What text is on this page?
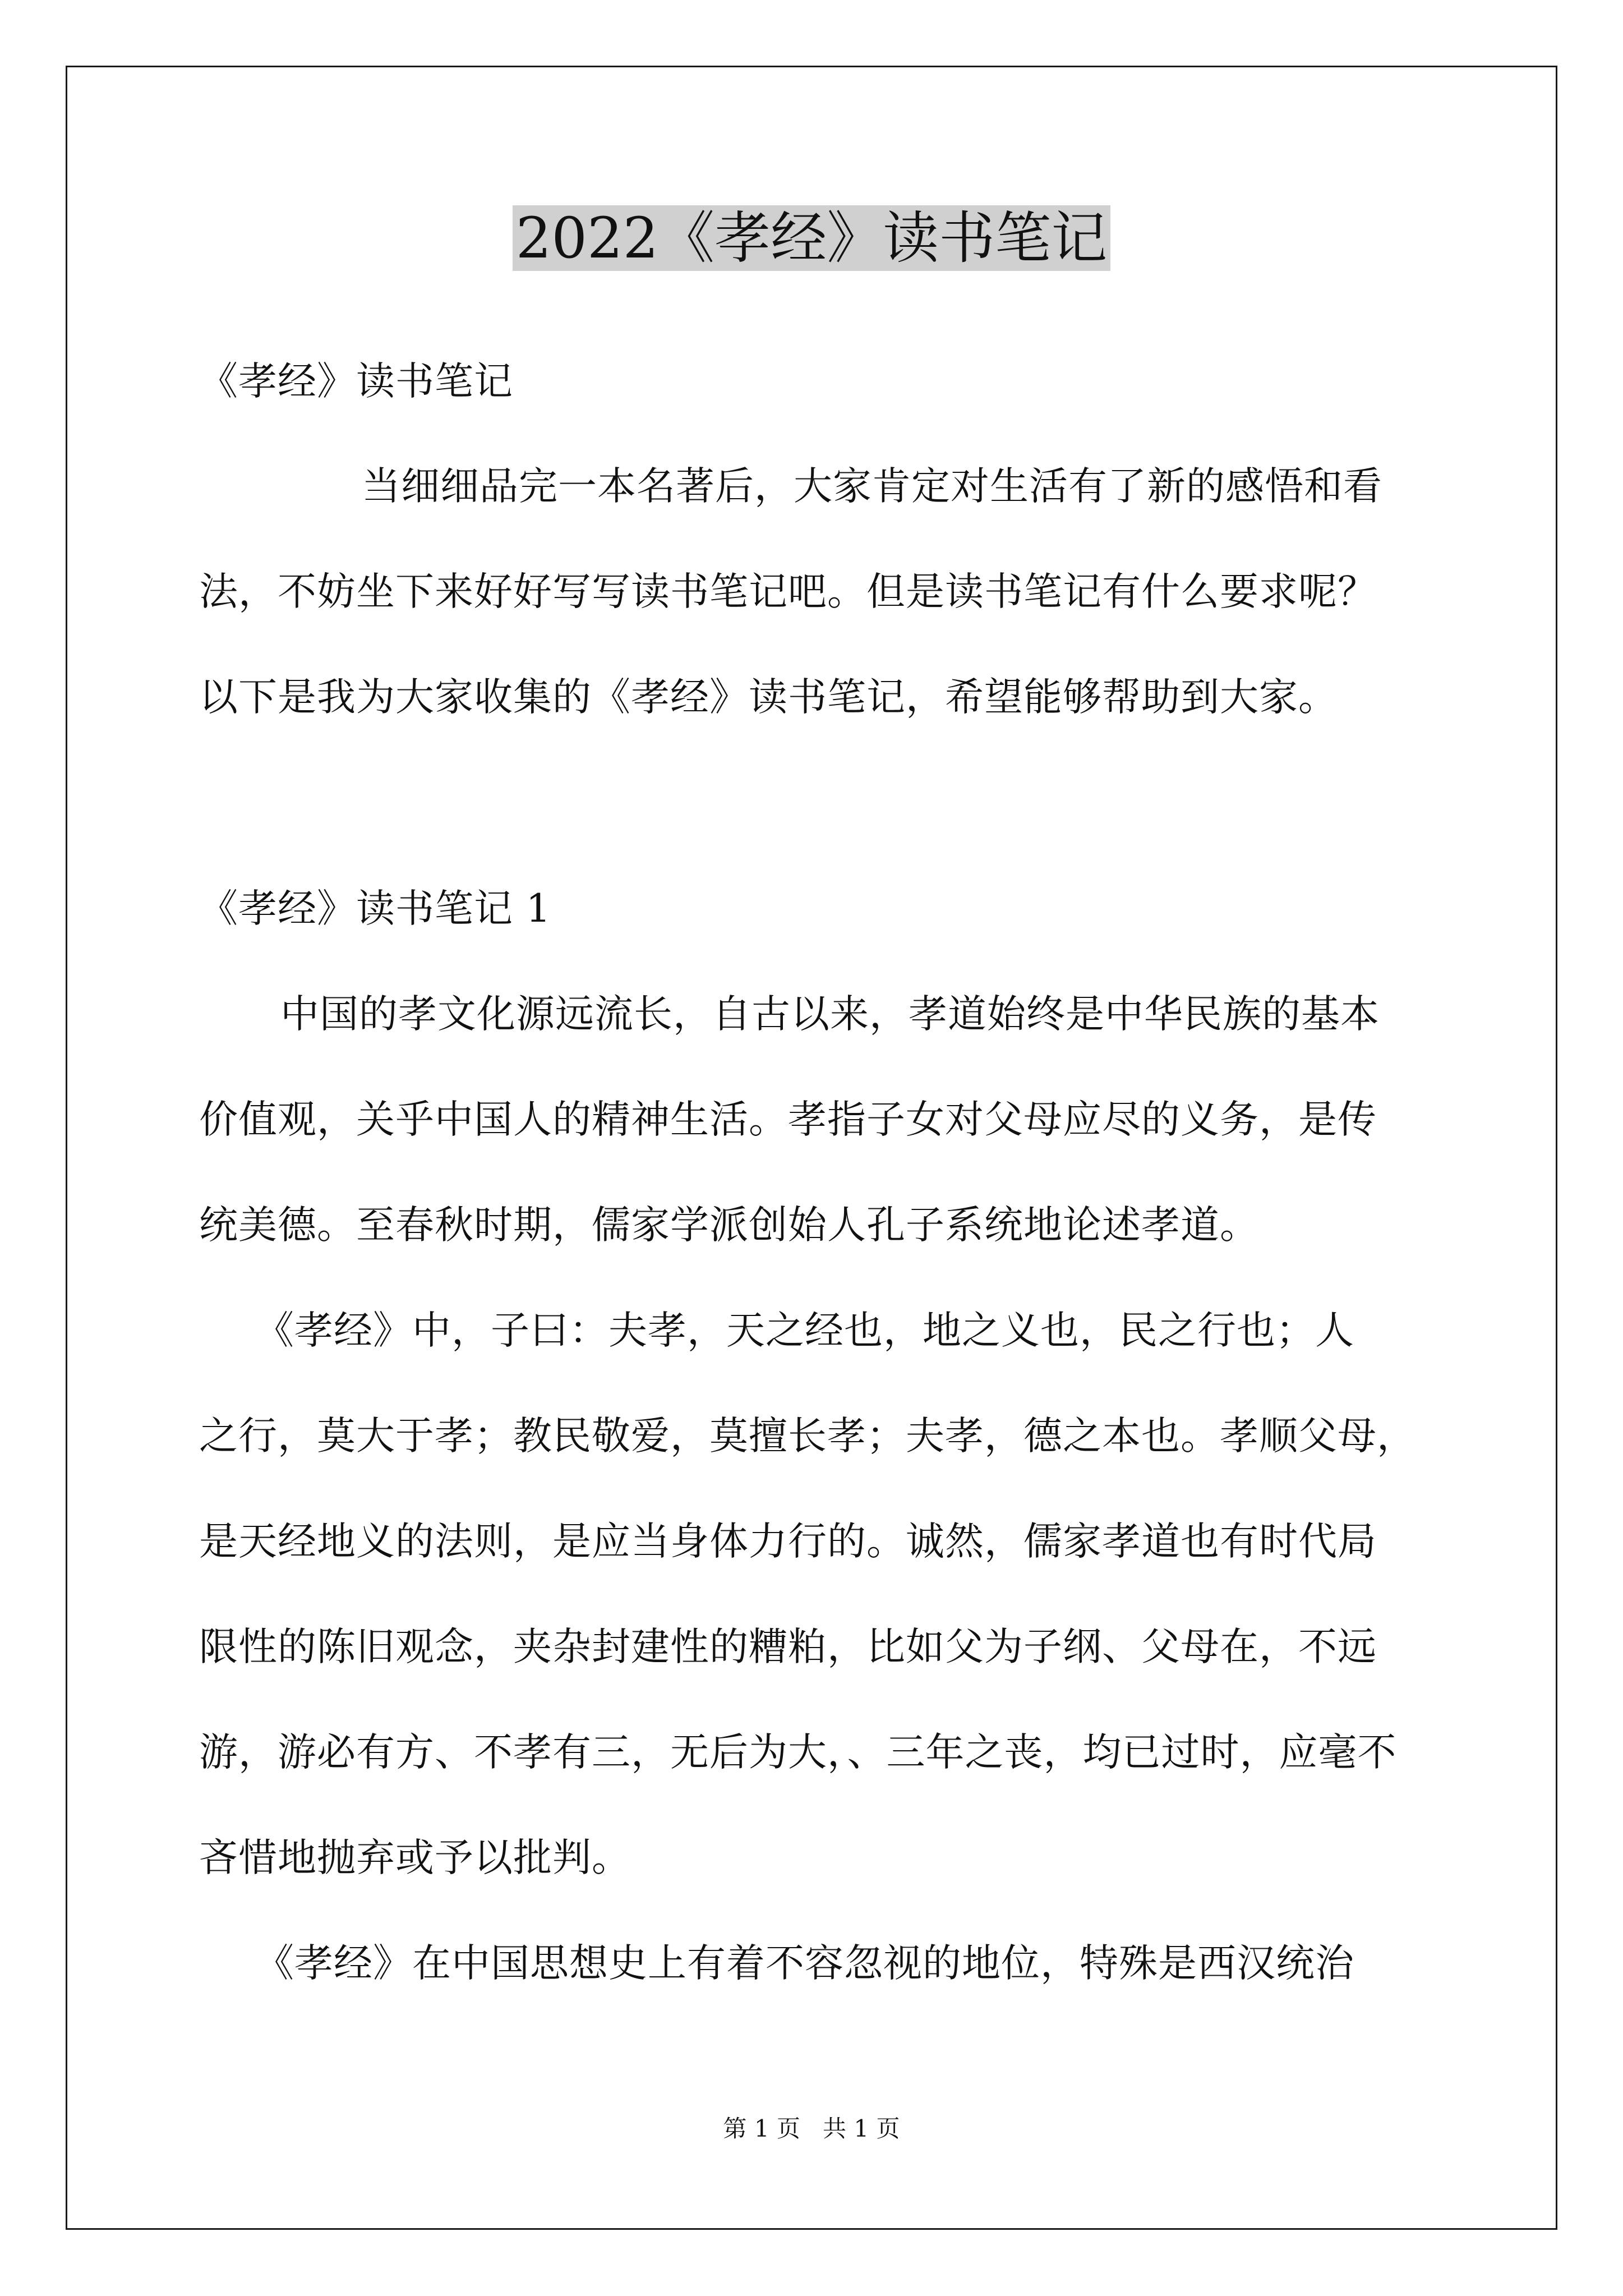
2022《孝经》读书笔记
《孝经》读书笔记
当细细品完一本名著后，大家肯定对生活有了新的感悟和看
法，不妨坐下来好好写写读书笔记吧。但是读书笔记有什么要求呢？
以下是我为大家收集的《孝经》读书笔记，希望能够帮助到大家。
《孝经》读书笔记 1
中国的孝文化源远流长，自古以来，孝道始终是中华民族的基本
价值观，关乎中国人的精神生活。孝指子女对父母应尽的义务，是传
统美德。至春秋时期，儒家学派创始人孔子系统地论述孝道。
《孝经》中，子曰：夫孝，天之经也，地之义也，民之行也；人
之行，莫大于孝；教民敬爱，莫擅长孝；夫孝，德之本也。孝顺父母，
是天经地义的法则，是应当身体力行的。诚然，儒家孝道也有时代局
限性的陈旧观念，夹杂封建性的糟粕，比如父为子纲、父母在，不远
游，游必有方、不孝有三，无后为大，、三年之丧，均已过时，应毫不
吝惜地抛弃或予以批判。
《孝经》在中国思想史上有着不容忽视的地位，特殊是西汉统治
第 1 页   共 1 页
